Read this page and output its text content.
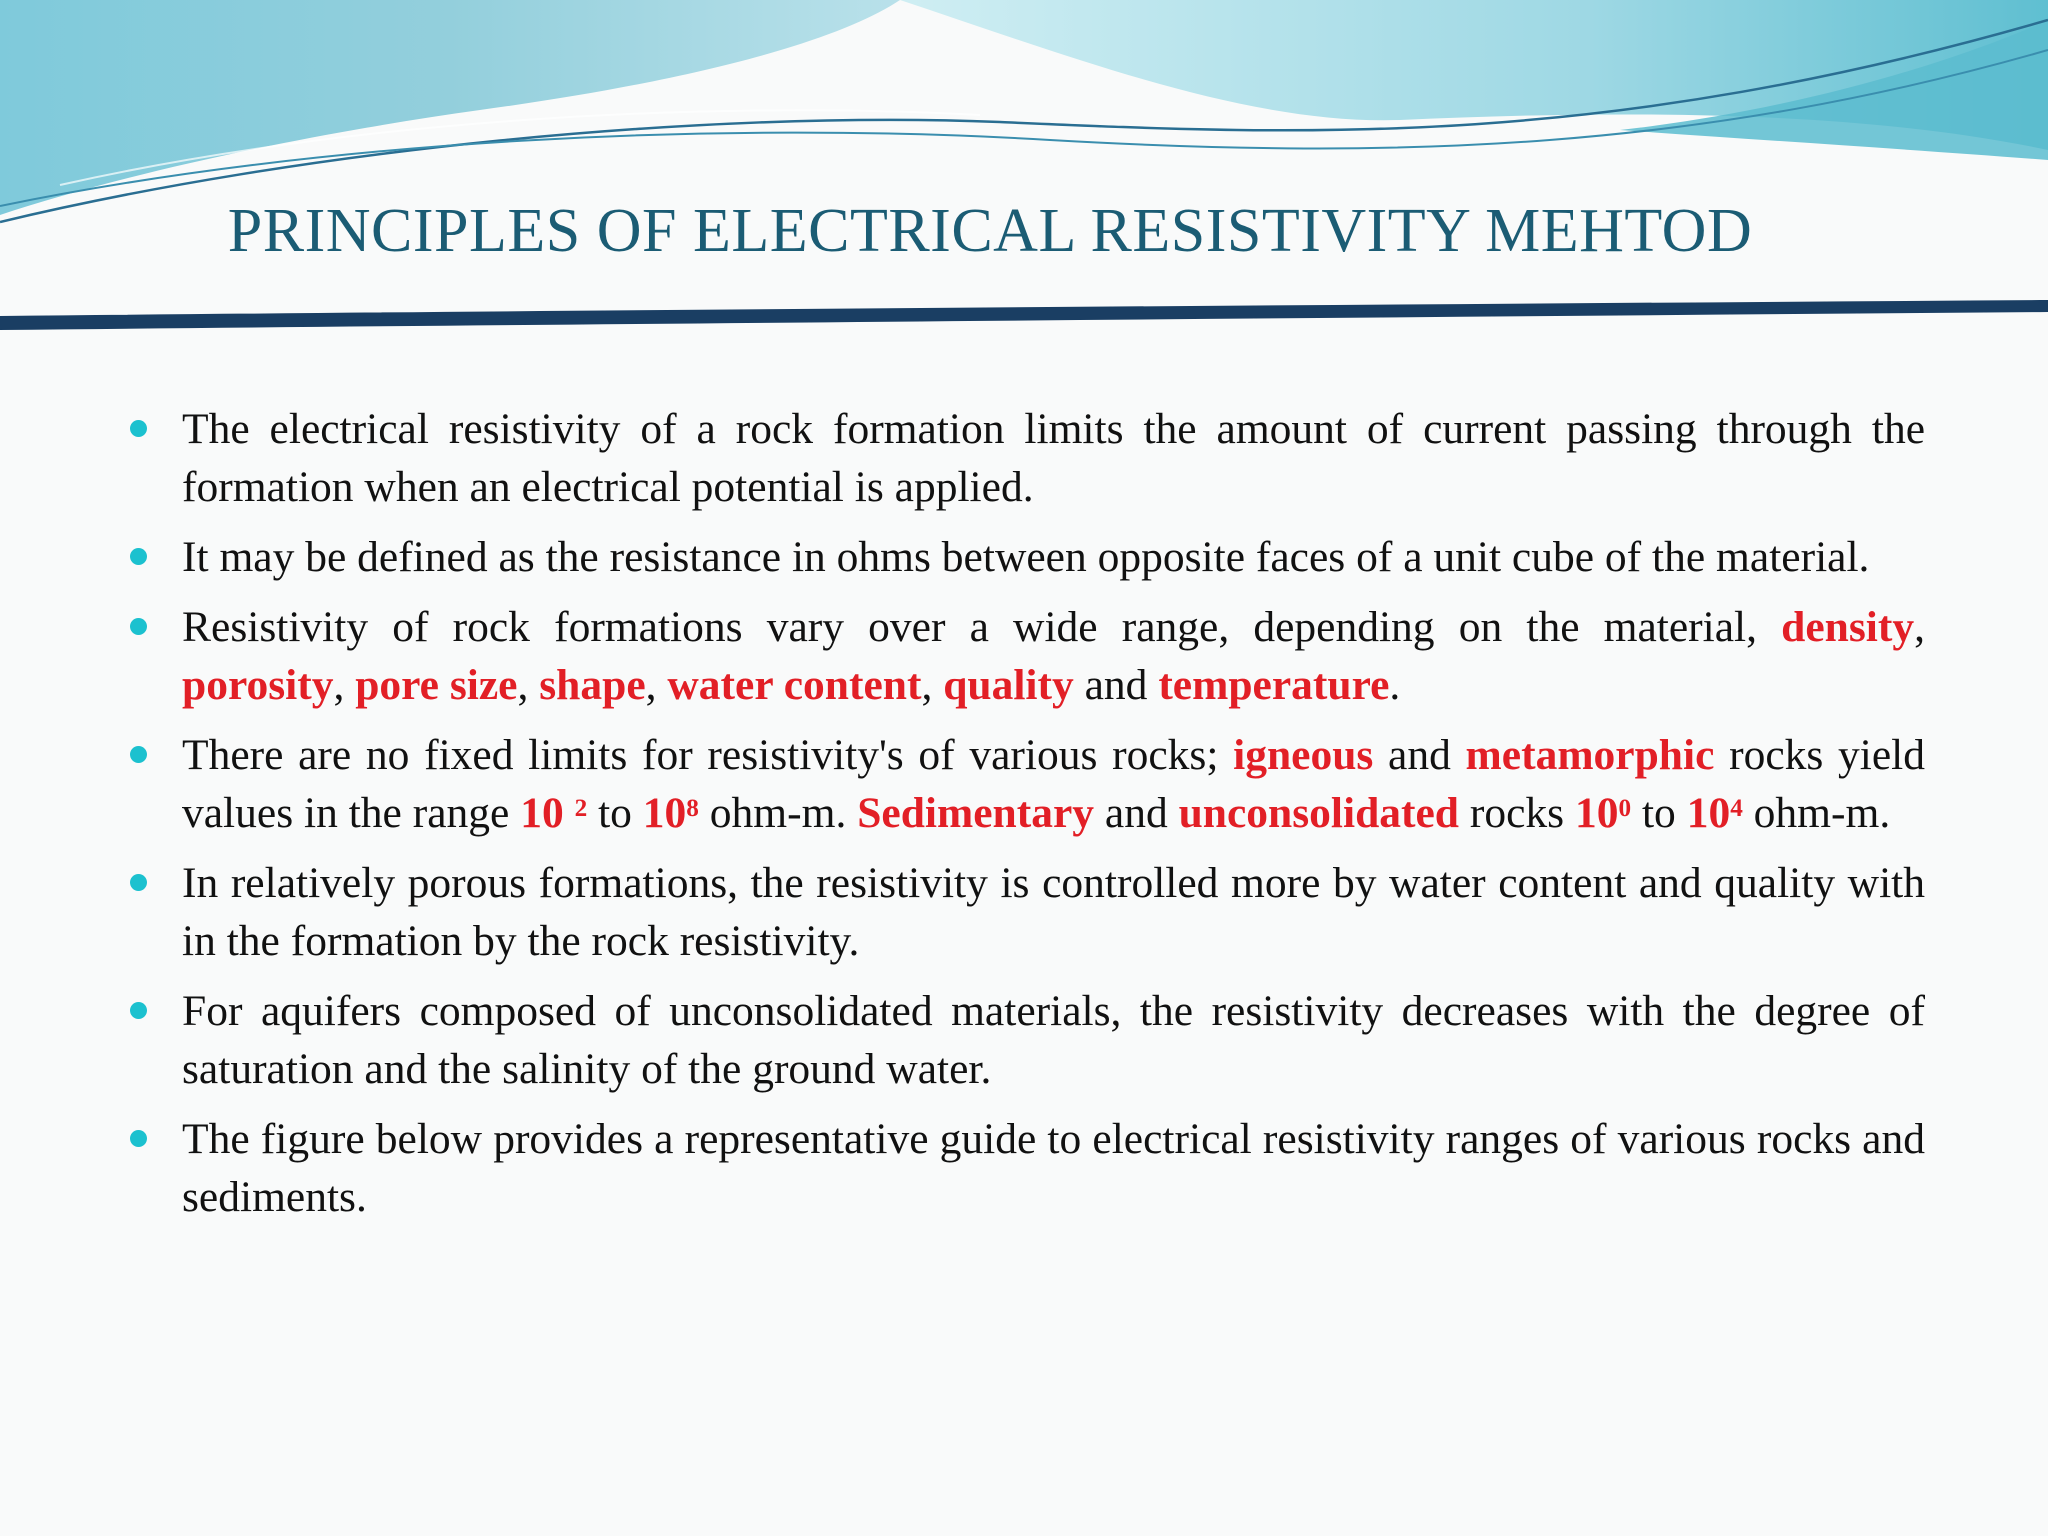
PRINCIPLES OF ELECTRICAL RESISTIVITY MEHTOD
The electrical resistivity of a rock formation limits the amount of current passing through the formation when an electrical potential is applied.
It may be defined as the resistance in ohms between opposite faces of a unit cube of the material.
Resistivity of rock formations vary over a wide range, depending on the material, density, porosity, pore size, shape, water content, quality and temperature.
There are no fixed limits for resistivity's of various rocks; igneous and metamorphic rocks yield values in the range 10 $^2$ to $10^8$ ohm-m. Sedimentary and unconsolidated rocks $10^0$ to $10^4$ ohm-m.
In relatively porous formations, the resistivity is controlled more by water content and quality with in the formation by the rock resistivity.
For aquifers composed of unconsolidated materials, the resistivity decreases with the degree of saturation and the salinity of the ground water.
The figure below provides a representative guide to electrical resistivity ranges of various rocks and sediments.
